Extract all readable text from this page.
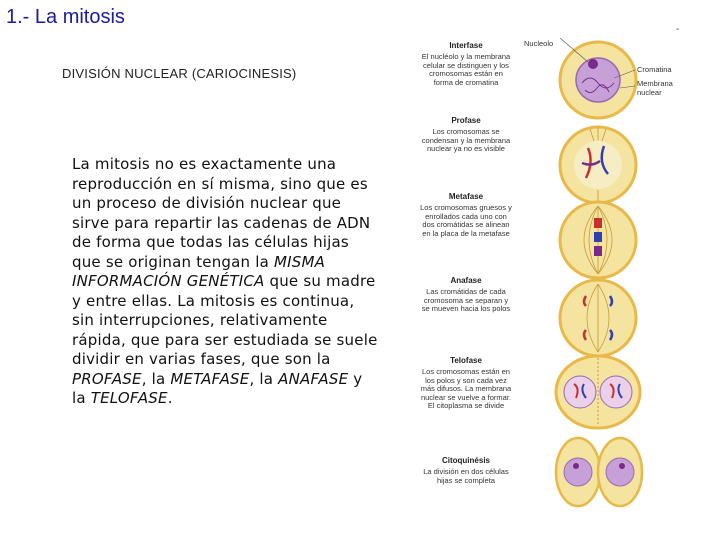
1.- La mitosis
-
DIVISIÓN NUCLEAR (CARIOCINESIS)
La mitosis no es exactamente una reproducción en sí misma, sino que es un proceso de división nuclear que sirve para repartir las cadenas de ADN de forma que todas las células hijas que se originan tengan la MISMA INFORMACIÓN GENÉTICA que su madre y entre ellas. La mitosis es continua, sin interrupciones, relativamente rápida, que para ser estudiada se suele dividir en varias fases, que son la PROFASE, la METAFASE, la ANAFASE y la TELOFASE.
Nucleolo
Cromatina
Membrana nuclear
Interfase
El nucléolo y la membrana celular se distinguen y los cromosomas están en forma de cromatina
Profase
Los cromosomas se condensan y la membrana nuclear ya no es visible
Metafase
Los cromosomas gruesos y enrollados cada uno con dos cromátidas se alinean en la placa de la metafase
Anafase
Las cromátidas de cada cromosoma se separan y se mueven hacia los polos
Telofase
Los cromosomas están en los polos y son cada vez más difusos. La membrana nuclear se vuelve a formar. El citoplasma se divide
Citoquinésis
La división en dos células hijas se completa
